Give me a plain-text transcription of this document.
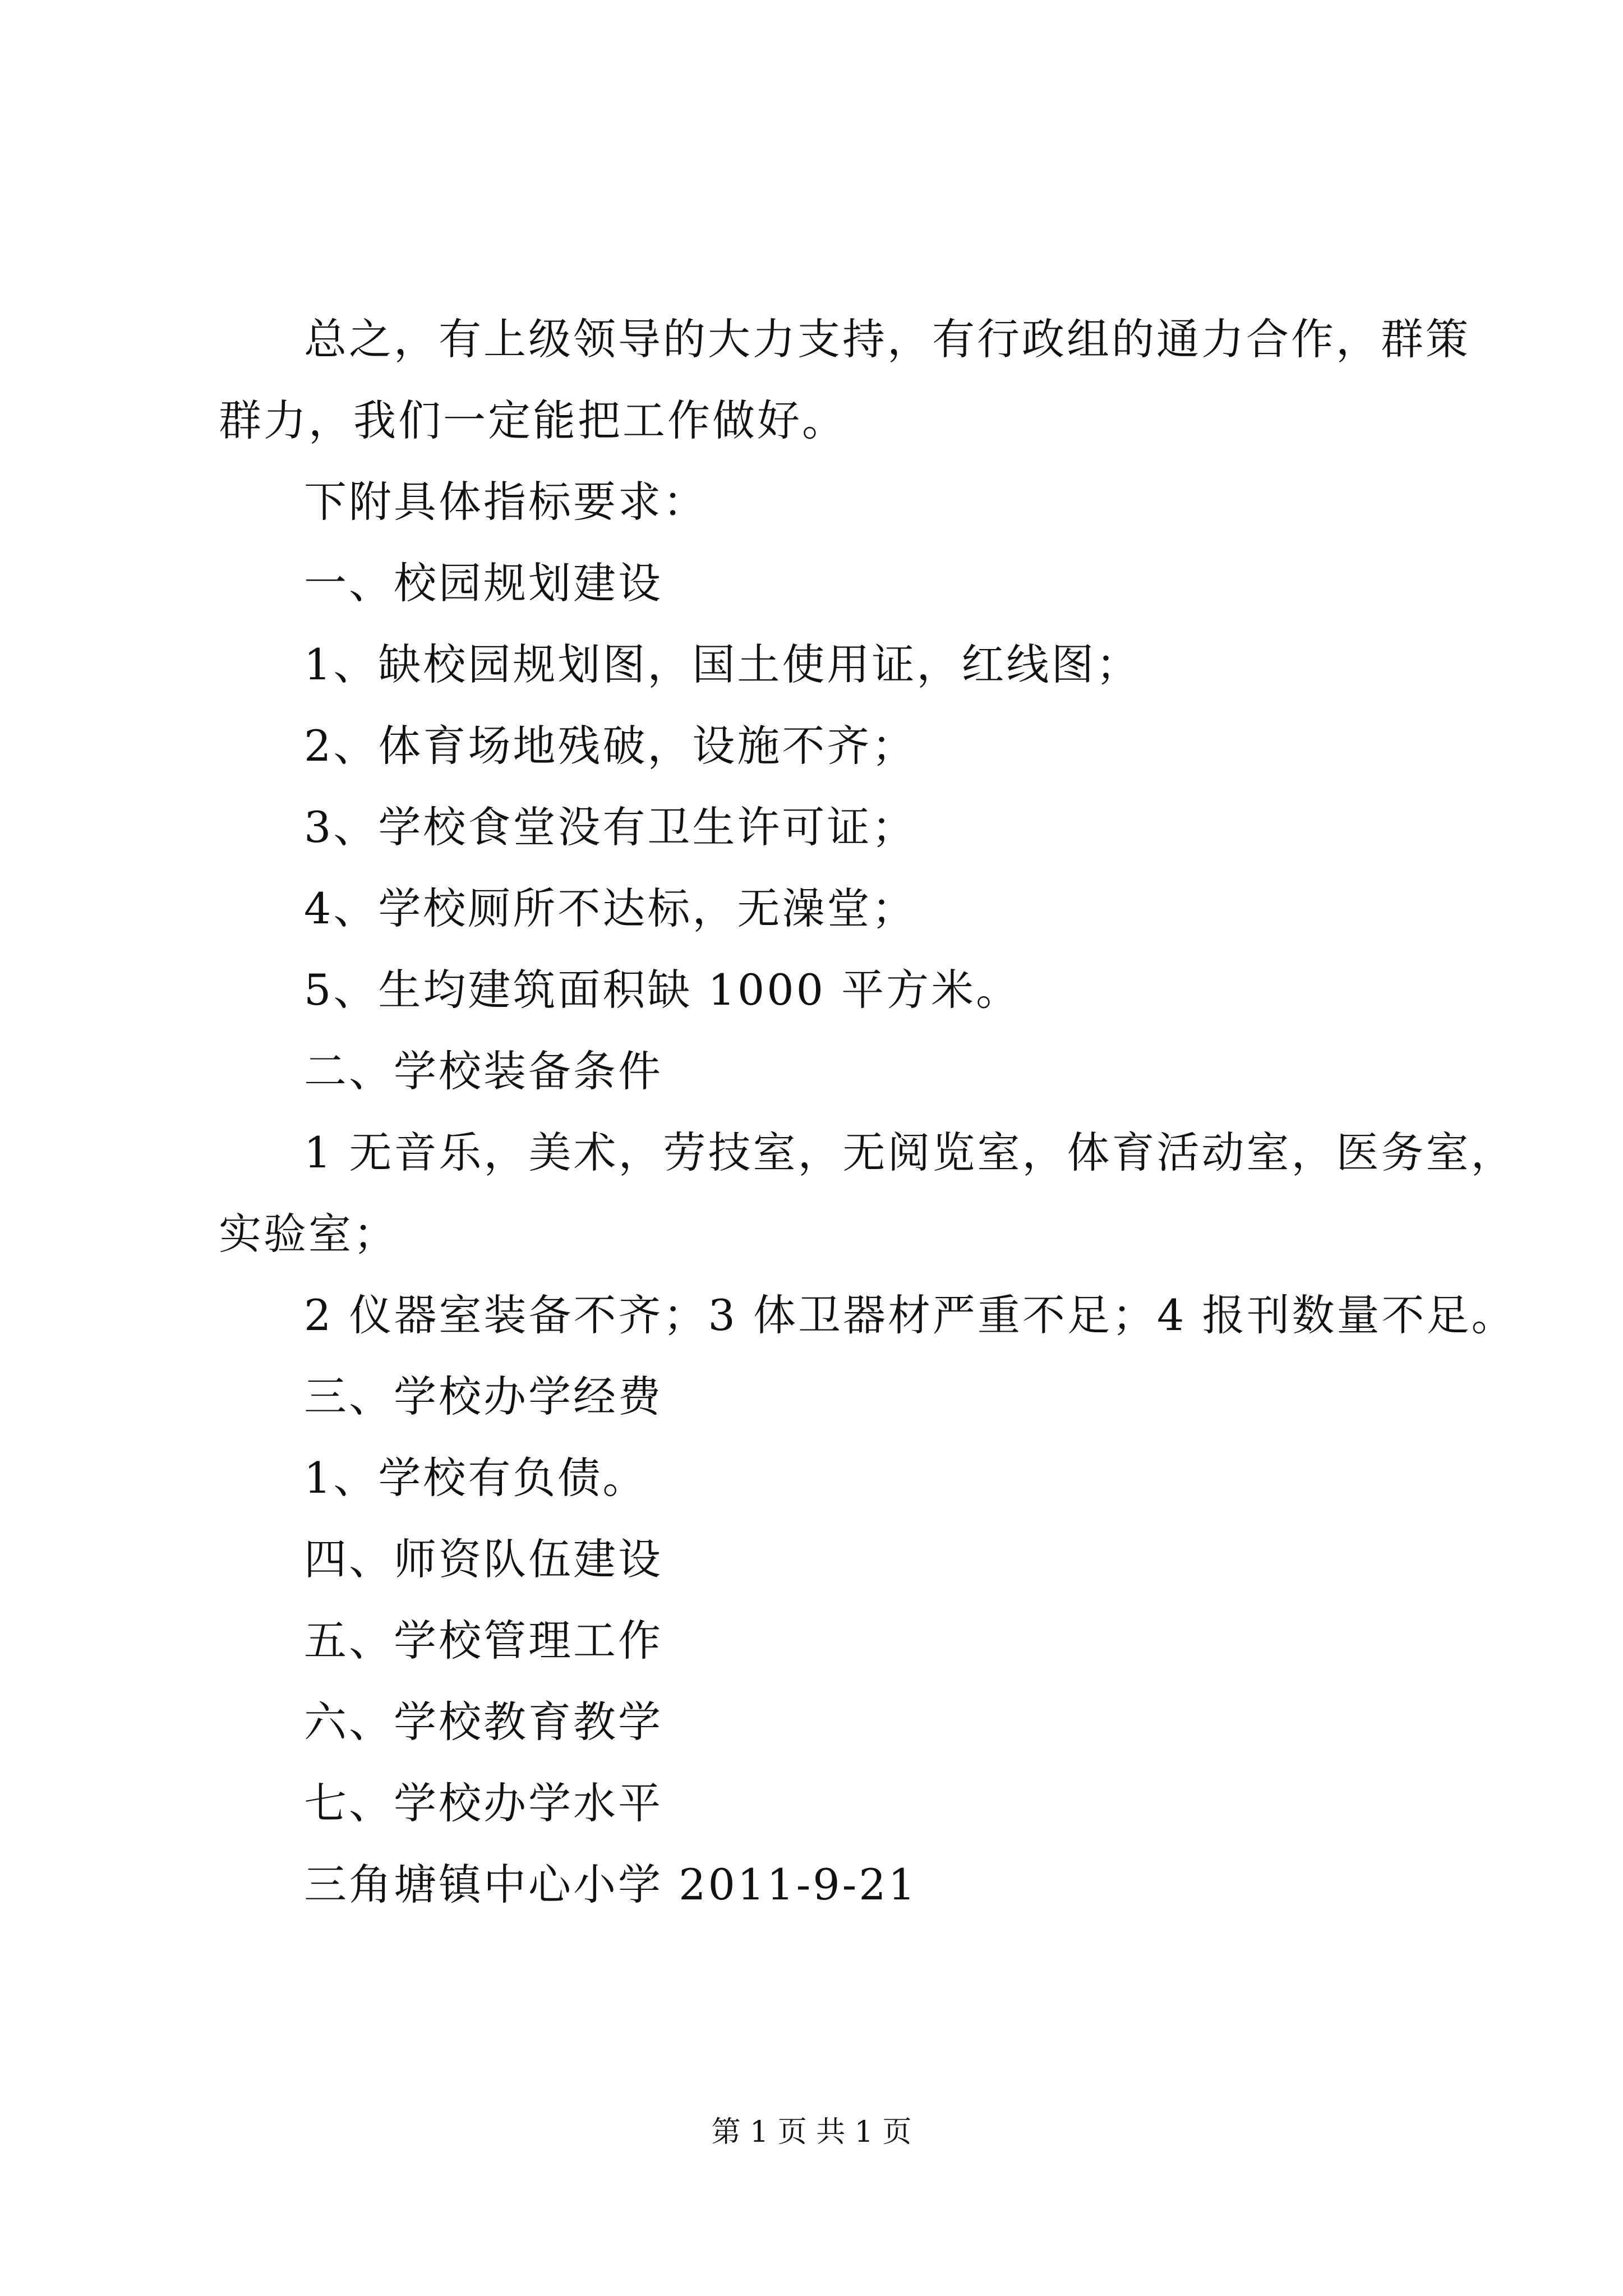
总之，有上级领导的大力支持，有行政组的通力合作，群策
群力，我们一定能把工作做好。
下附具体指标要求：
一、校园规划建设
1、缺校园规划图，国土使用证，红线图；
2、体育场地残破，设施不齐；
3、学校食堂没有卫生许可证；
4、学校厕所不达标，无澡堂；
5、生均建筑面积缺 1000 平方米。
二、学校装备条件
1 无音乐，美术，劳技室，无阅览室，体育活动室，医务室，
实验室；
2 仪器室装备不齐；3 体卫器材严重不足；4 报刊数量不足。
三、学校办学经费
1、学校有负债。
四、师资队伍建设
五、学校管理工作
六、学校教育教学
七、学校办学水平
三角塘镇中心小学 2011-9-21
第 1 页 共 1 页
